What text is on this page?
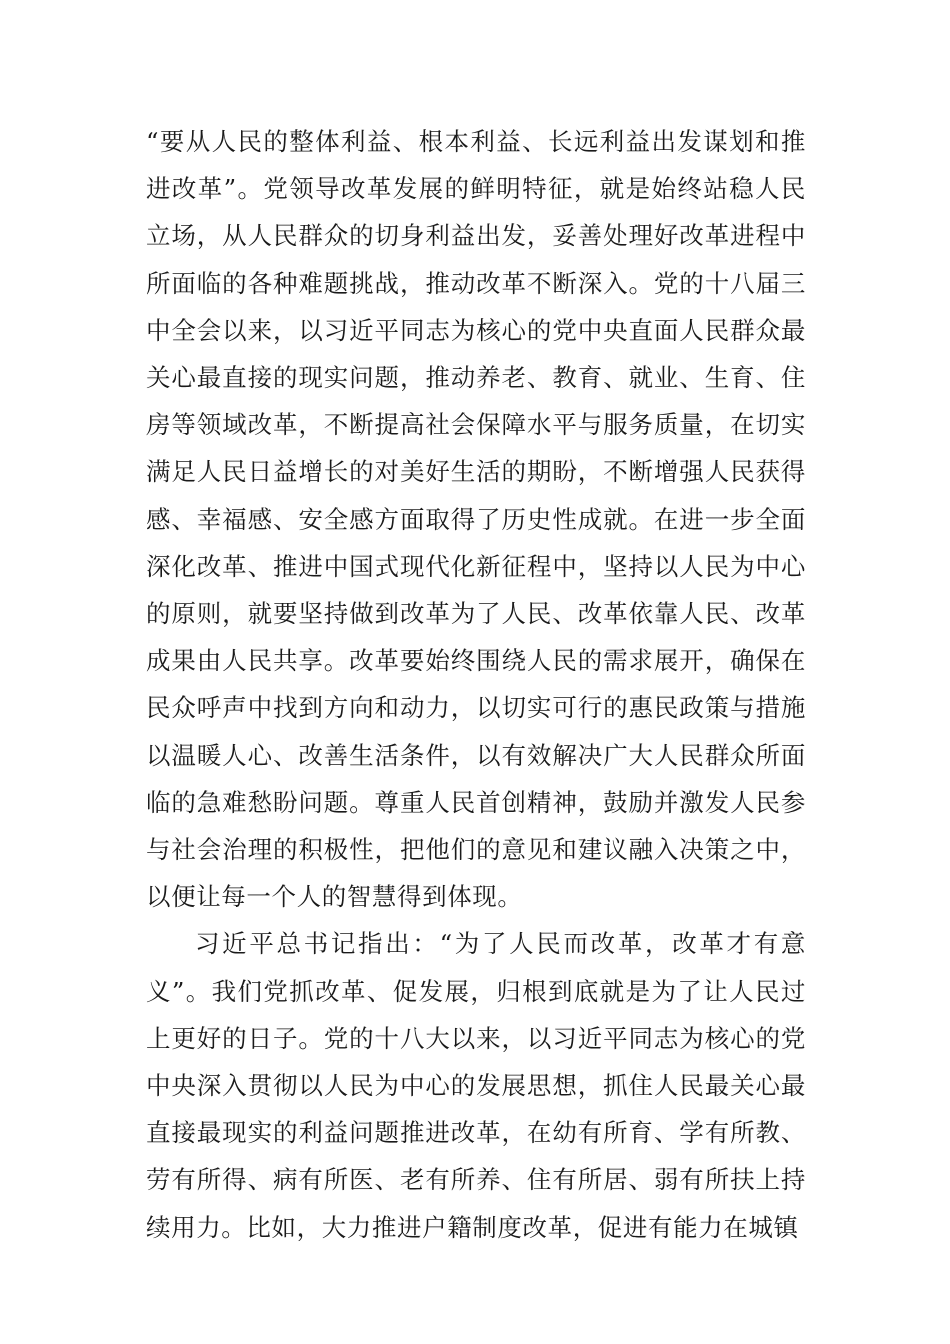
“要从人民的整体利益、根本利益、长远利益出发谋划和推进改革”。党领导改革发展的鲜明特征，就是始终站稳人民立场，从人民群众的切身利益出发，妥善处理好改革进程中所面临的各种难题挑战，推动改革不断深入。党的十八届三中全会以来，以习近平同志为核心的党中央直面人民群众最关心最直接的现实问题，推动养老、教育、就业、生育、住房等领域改革，不断提高社会保障水平与服务质量，在切实满足人民日益增长的对美好生活的期盼，不断增强人民获得感、幸福感、安全感方面取得了历史性成就。在进一步全面深化改革、推进中国式现代化新征程中，坚持以人民为中心的原则，就要坚持做到改革为了人民、改革依靠人民、改革成果由人民共享。改革要始终围绕人民的需求展开，确保在民众呼声中找到方向和动力，以切实可行的惠民政策与措施以温暖人心、改善生活条件，以有效解决广大人民群众所面临的急难愁盼问题。尊重人民首创精神，鼓励并激发人民参与社会治理的积极性，把他们的意见和建议融入决策之中，以便让每一个人的智慧得到体现。

习近平总书记指出：“为了人民而改革，改革才有意义”。我们党抓改革、促发展，归根到底就是为了让人民过上更好的日子。党的十八大以来，以习近平同志为核心的党中央深入贯彻以人民为中心的发展思想，抓住人民最关心最直接最现实的利益问题推进改革，在幼有所育、学有所教、劳有所得、病有所医、老有所养、住有所居、弱有所扶上持续用力。比如，大力推进户籍制度改革，促进有能力在城镇
